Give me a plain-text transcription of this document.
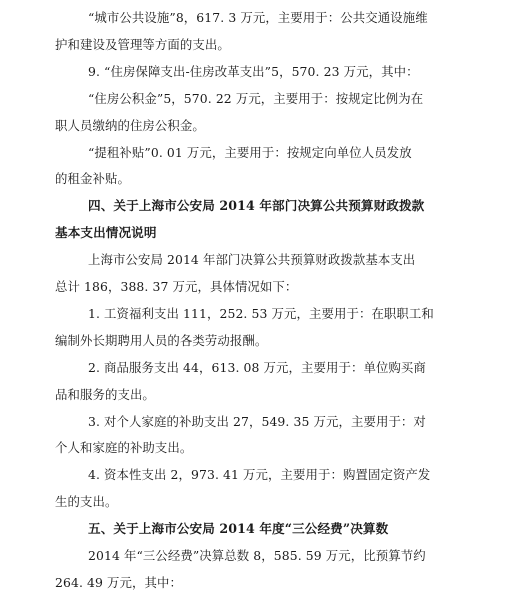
“城市公共设施”8，617. 3 万元，主要用于：公共交通设施维
护和建设及管理等方面的支出。
9. “住房保障支出-住房改革支出”5，570. 23 万元，其中：
“住房公积金”5，570. 22 万元，主要用于：按规定比例为在
职人员缴纳的住房公积金。
“提租补贴”0. 01 万元，主要用于：按规定向单位人员发放
的租金补贴。
四、关于上海市公安局 2014 年部门决算公共预算财政拨款
基本支出情况说明
上海市公安局 2014 年部门决算公共预算财政拨款基本支出
总计 186，388. 37 万元，具体情况如下：
1. 工资福利支出 111，252. 53 万元，主要用于：在职职工和
编制外长期聘用人员的各类劳动报酬。
2. 商品服务支出 44，613. 08 万元，主要用于：单位购买商
品和服务的支出。
3. 对个人家庭的补助支出 27，549. 35 万元，主要用于：对
个人和家庭的补助支出。
4. 资本性支出 2，973. 41 万元，主要用于：购置固定资产发
生的支出。
五、关于上海市公安局 2014 年度“三公经费”决算数
2014 年“三公经费”决算总数 8，585. 59 万元，比预算节约
264. 49 万元，其中：
